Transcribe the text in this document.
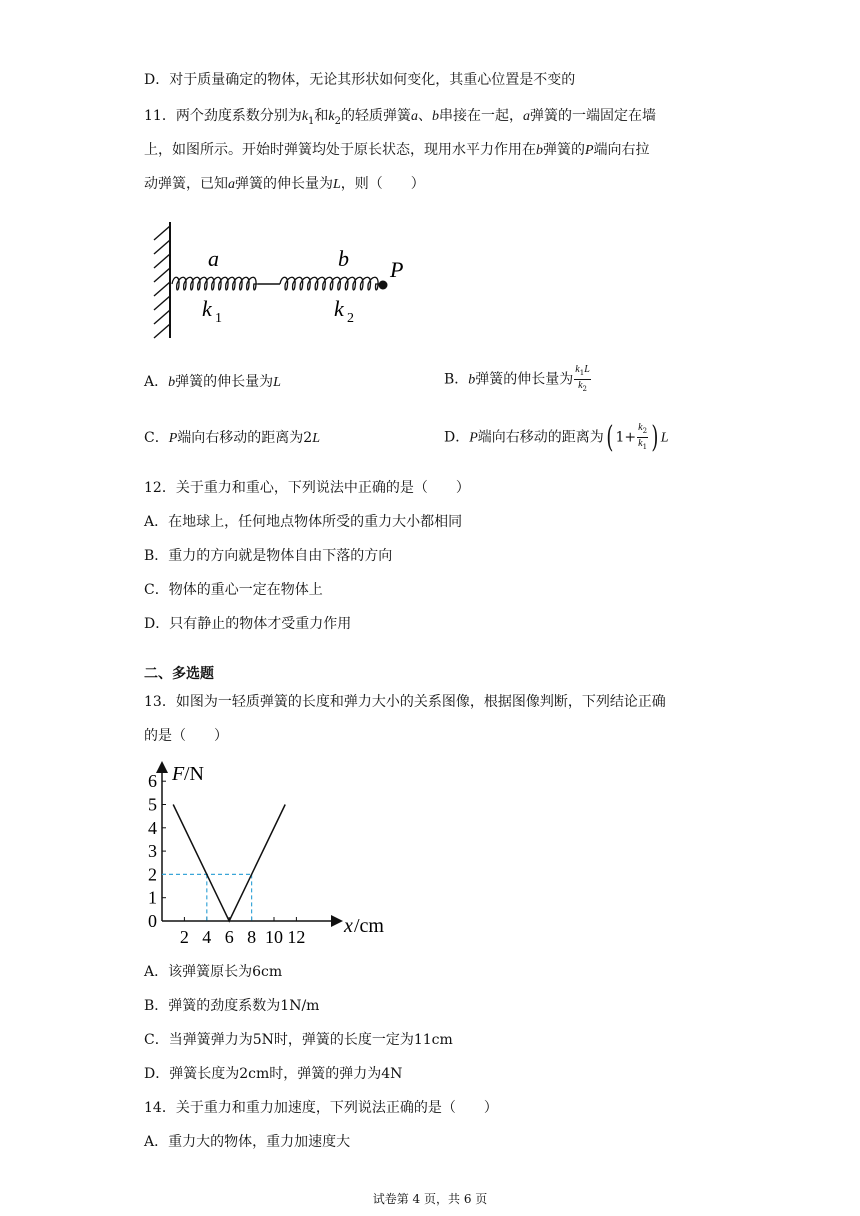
D．对于质量确定的物体，无论其形状如何变化，其重心位置是不变的
11．两个劲度系数分别为$k_1$和$k_2$的轻质弹簧a、b串接在一起，a弹簧的一端固定在墙
上，如图所示。开始时弹簧均处于原长状态，现用水平力作用在b弹簧的P端向右拉
动弹簧，已知a弹簧的伸长量为L，则（　　）
a	b P
k 1	k 2
A．b弹簧的伸长量为L	B．b弹簧的伸长量为 $\frac{k_1L}{k_2}$
C．P端向右移动的距离为2L	D．P端向右移动的距离为( $1+ \frac{k_2}{k_1}$ ) L
12．关于重力和重心，下列说法中正确的是（　　）
A．在地球上，任何地点物体所受的重力大小都相同
B．重力的方向就是物体自由下落的方向
C．物体的重心一定在物体上
D．只有静止的物体才受重力作用
二、多选题
13．如图为一轻质弹簧的长度和弹力大小的关系图像，根据图像判断，下列结论正确
的是（　　）
0
1
2
3
4
5
6
2 4 6 8 10 12
F /N
x /cm
A．该弹簧原长为6cm
B．弹簧的劲度系数为1N/m
C．当弹簧弹力为5N时，弹簧的长度一定为11cm
D．弹簧长度为2cm时，弹簧的弹力为4N
14．关于重力和重力加速度，下列说法正确的是（　　）
A．重力大的物体，重力加速度大
试卷第 4 页，共 6 页
